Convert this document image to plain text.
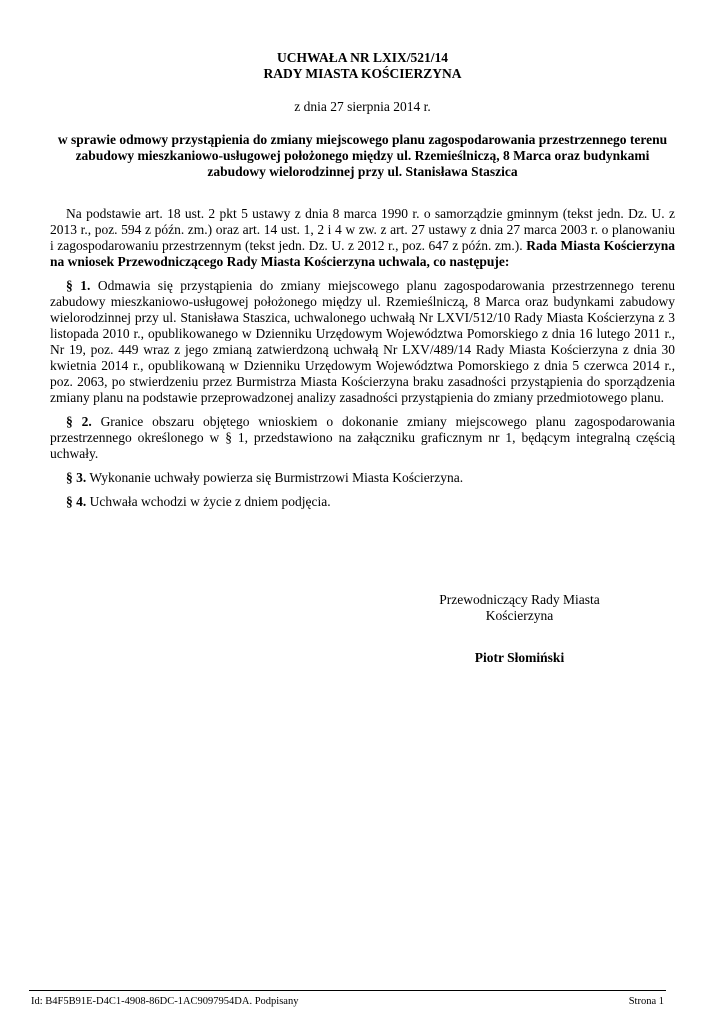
UCHWAŁA NR LXIX/521/14
RADY MIASTA KOŚCIERZYNA
z dnia 27 sierpnia 2014 r.
w sprawie odmowy przystąpienia do zmiany miejscowego planu zagospodarowania przestrzennego terenu zabudowy mieszkaniowo-usługowej położonego między ul. Rzemieślniczą, 8 Marca oraz budynkami zabudowy wielorodzinnej przy ul. Stanisława Staszica

Na podstawie art. 18 ust. 2 pkt 5 ustawy z dnia 8 marca 1990 r. o samorządzie gminnym (tekst jedn. Dz. U. z 2013 r., poz. 594 z późn. zm.) oraz art. 14 ust. 1, 2 i 4 w zw. z art. 27 ustawy z dnia 27 marca 2003 r. o planowaniu i zagospodarowaniu przestrzennym (tekst jedn. Dz. U. z 2012 r., poz. 647 z późn. zm.). Rada Miasta Kościerzyna na wniosek Przewodniczącego Rady Miasta Kościerzyna uchwala, co następuje:

§ 1. Odmawia się przystąpienia do zmiany miejscowego planu zagospodarowania przestrzennego terenu zabudowy mieszkaniowo-usługowej położonego między ul. Rzemieślniczą, 8 Marca oraz budynkami zabudowy wielorodzinnej przy ul. Stanisława Staszica, uchwalonego uchwałą Nr LXVI/512/10 Rady Miasta Kościerzyna z 3 listopada 2010 r., opublikowanego w Dzienniku Urzędowym Województwa Pomorskiego z dnia 16 lutego 2011 r., Nr 19, poz. 449 wraz z jego zmianą zatwierdzoną uchwałą Nr LXV/489/14 Rady Miasta Kościerzyna z dnia 30 kwietnia 2014 r., opublikowaną w Dzienniku Urzędowym Województwa Pomorskiego z dnia 5 czerwca 2014 r., poz. 2063, po stwierdzeniu przez Burmistrza Miasta Kościerzyna braku zasadności przystąpienia do sporządzenia zmiany planu na podstawie przeprowadzonej analizy zasadności przystąpienia do zmiany przedmiotowego planu.

§ 2. Granice obszaru objętego wnioskiem o dokonanie zmiany miejscowego planu zagospodarowania przestrzennego określonego w § 1, przedstawiono na załączniku graficznym nr 1, będącym integralną częścią uchwały.

§ 3. Wykonanie uchwały powierza się Burmistrzowi Miasta Kościerzyna.

§ 4. Uchwała wchodzi w życie z dniem podjęcia.

Przewodniczący Rady Miasta
Kościerzyna
Piotr Słomiński
Id: B4F5B91E-D4C1-4908-86DC-1AC9097954DA. Podpisany	Strona 1
